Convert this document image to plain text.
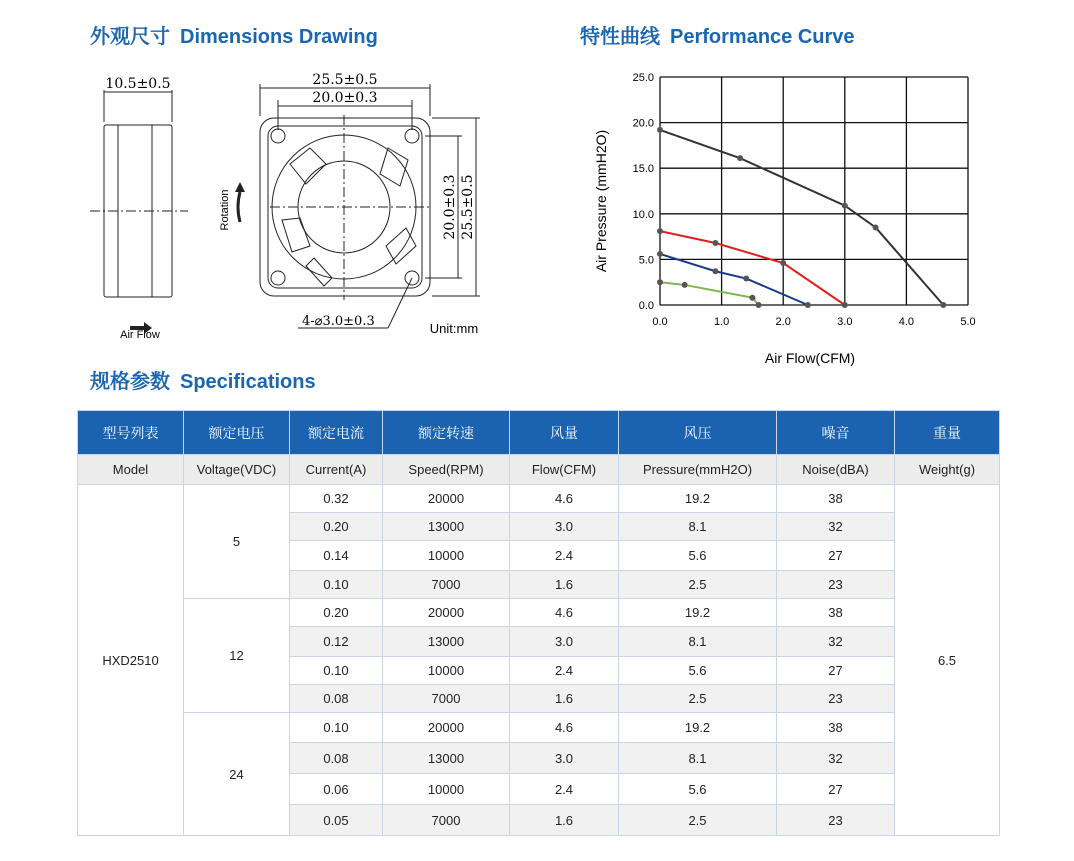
外观尺寸 Dimensions Drawing	特性曲线 Performance Curve
规格参数 Specifications
10.5±0.5	25.5±0.5
20.0±0.3
20.0±0.3 25.5±0.5
4-⌀3.0±0.3
Rotation
Air Flow	Unit:mm
Air Pressure (mmH2O)
Air Flow(CFM)
0.0	1.0	2.0	3.0	4.0	5.0
0.0
5.0
10.0
15.0
20.0
25.0
型号列表	额定电压	额定电流	额定转速	风量	风压	噪音	重量
Model	Voltage(VDC)	Current(A)	Speed(RPM)	Flow(CFM)	Pressure(mmH2O)	Noise(dBA)	Weight(g)
HXD2510	5	0.32	20000	4.6	19.2	38	6.5
		0.20	13000	3.0	8.1	32	
		0.14	10000	2.4	5.6	27	
		0.10	7000	1.6	2.5	23	
	12	0.20	20000	4.6	19.2	38	
		0.12	13000	3.0	8.1	32	
		0.10	10000	2.4	5.6	27	
		0.08	7000	1.6	2.5	23	
	24	0.10	20000	4.6	19.2	38	
		0.08	13000	3.0	8.1	32	
		0.06	10000	2.4	5.6	27	
		0.05	7000	1.6	2.5	23	
